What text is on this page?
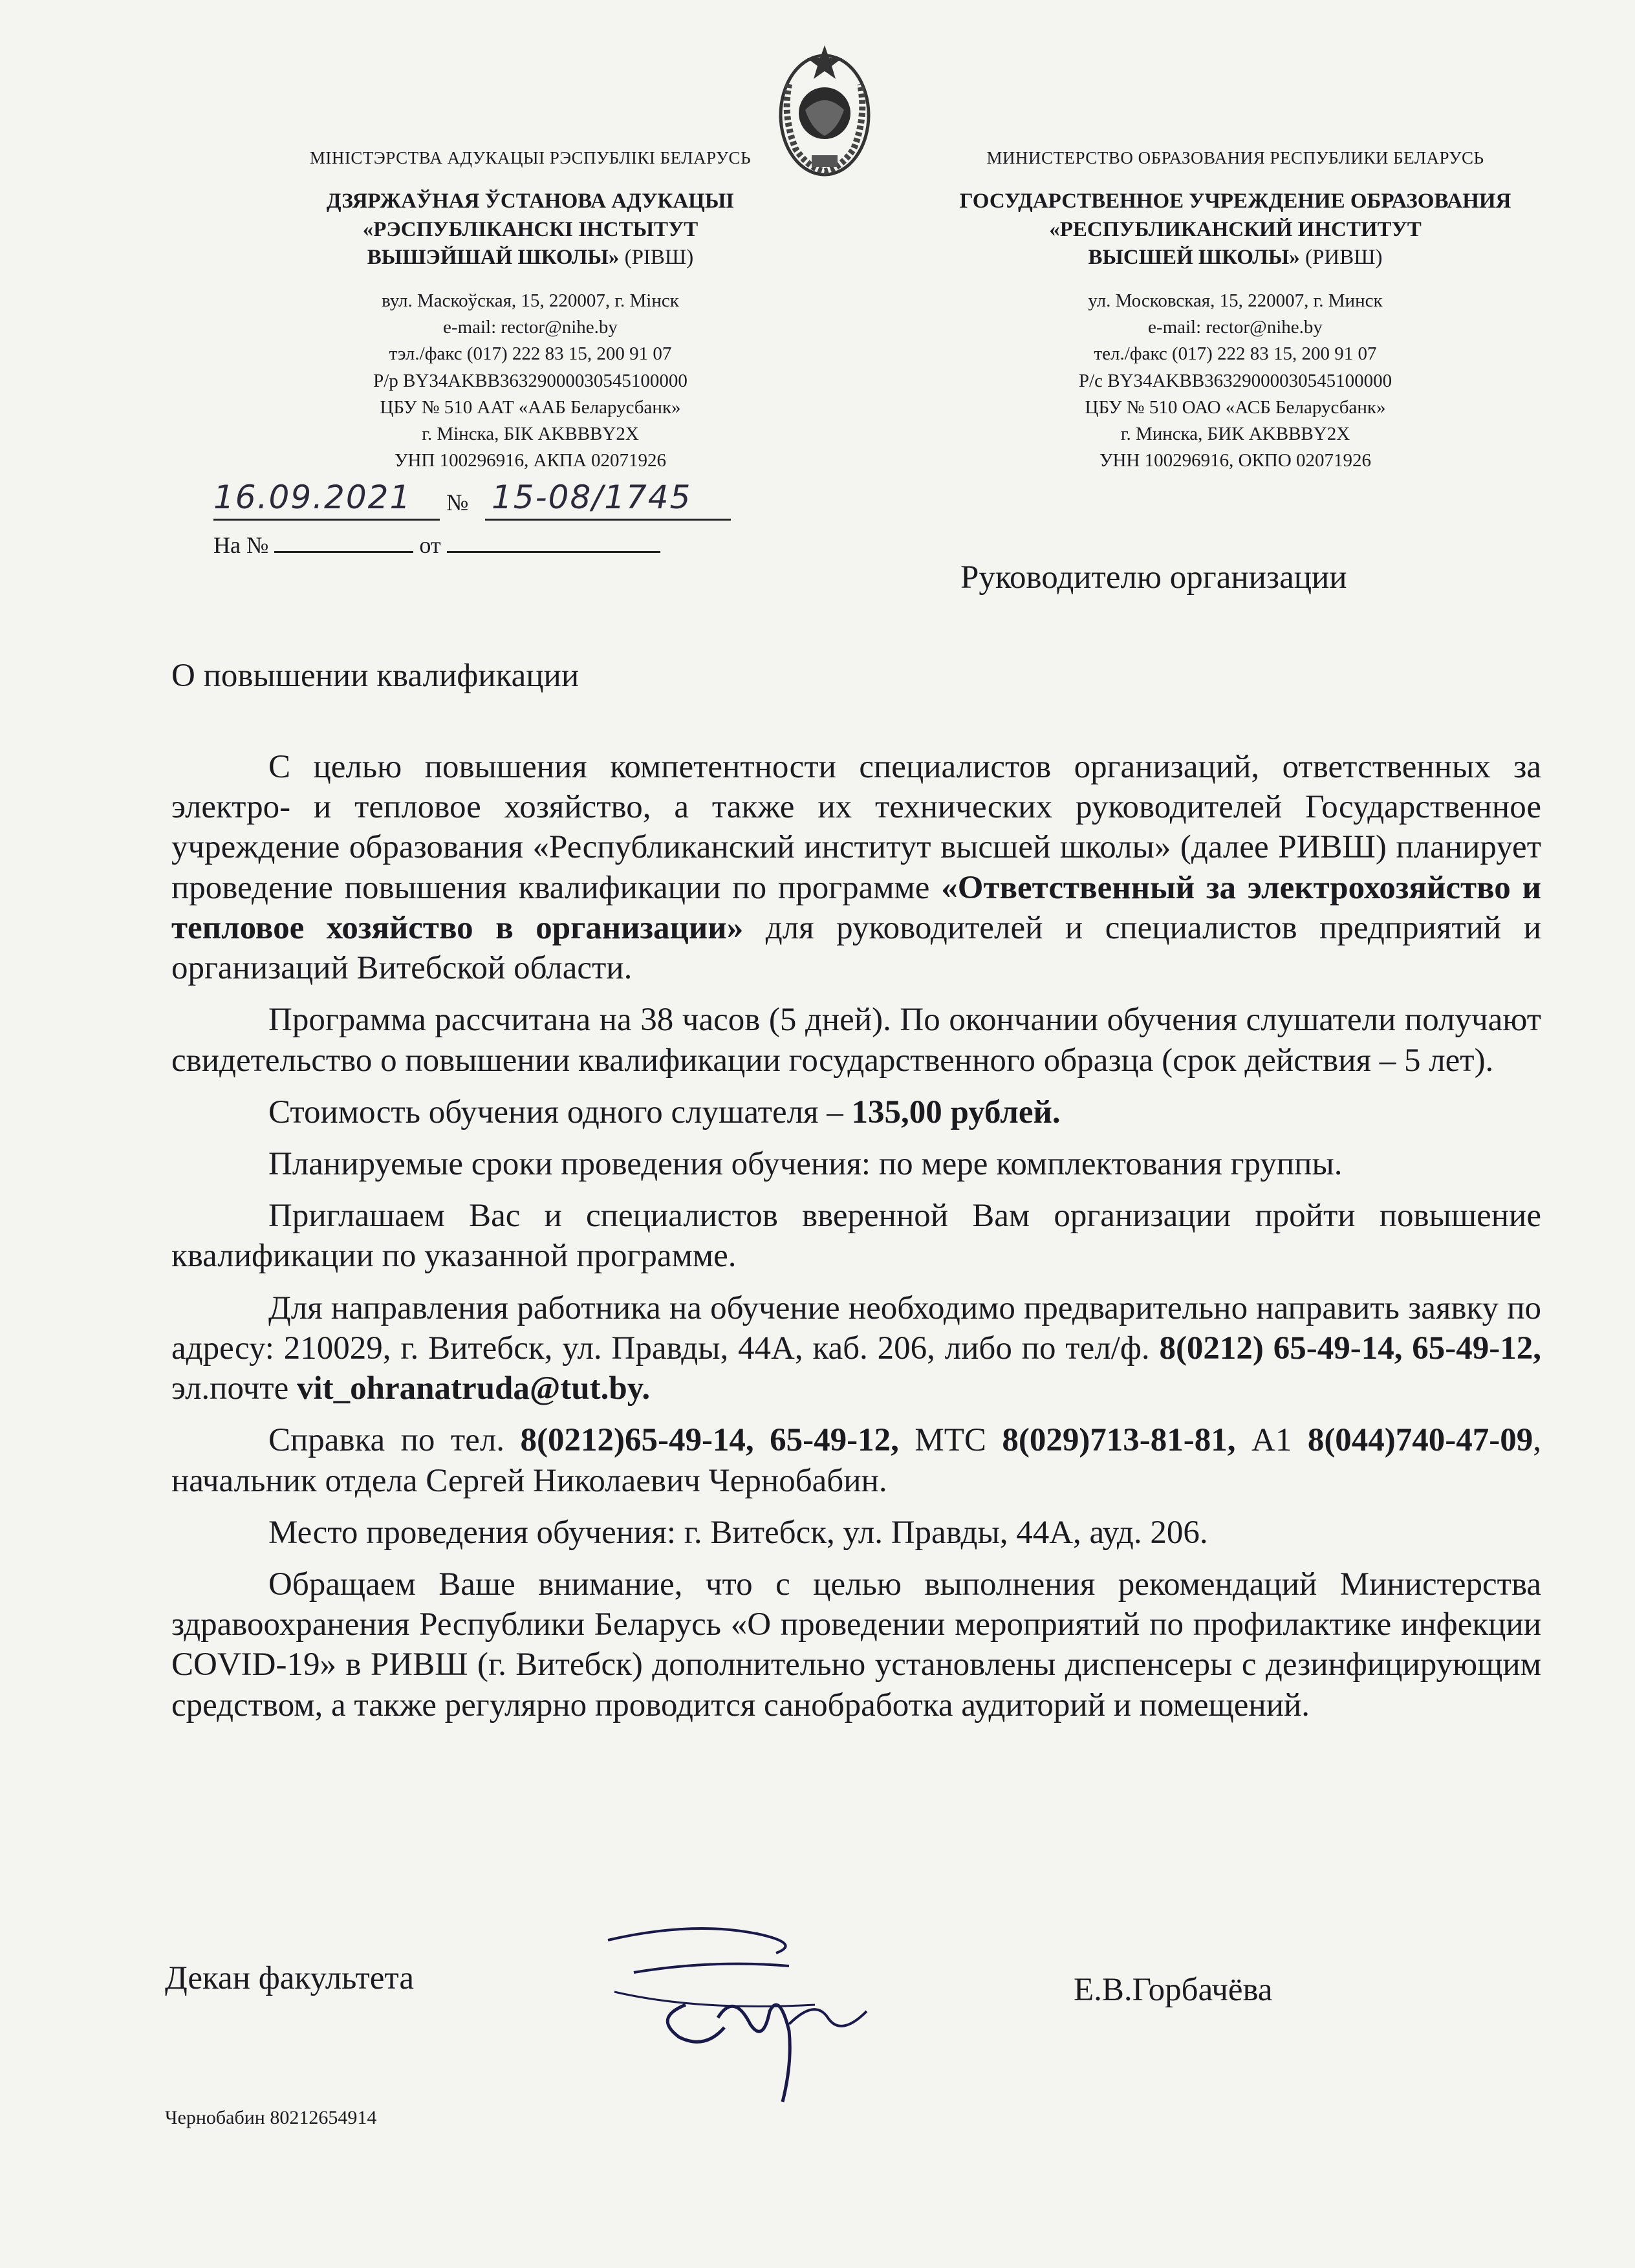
МІНІСТЭРСТВА АДУКАЦЫІ РЭСПУБЛІКІ БЕЛАРУСЬ
ДЗЯРЖАЎНАЯ ЎСТАНОВА АДУКАЦЫІ
«РЭСПУБЛІКАНСКІ ІНСТЫТУТ
ВЫШЭЙШАЙ ШКОЛЫ» (РІВШ)
вул. Маскоўская, 15, 220007, г. Мінск
e-mail: rector@nihe.by
тэл./факс (017) 222 83 15, 200 91 07
Р/р BY34AKBB36329000030545100000
ЦБУ № 510 ААТ «ААБ Беларусбанк»
г. Мінска, БІК AKBBBY2X
УНП 100296916, АКПА 02071926
МИНИСТЕРСТВО ОБРАЗОВАНИЯ РЕСПУБЛИКИ БЕЛАРУСЬ
ГОСУДАРСТВЕННОЕ УЧРЕЖДЕНИЕ ОБРАЗОВАНИЯ
«РЕСПУБЛИКАНСКИЙ ИНСТИТУТ
ВЫСШЕЙ ШКОЛЫ» (РИВШ)
ул. Московская, 15, 220007, г. Минск
e-mail: rector@nihe.by
тел./факс (017) 222 83 15, 200 91 07
Р/с BY34AKBB36329000030545100000
ЦБУ № 510 ОАО «АСБ Беларусбанк»
г. Минска, БИК AKBBBY2X
УНН 100296916, ОКПО 02071926
16.09.2021 № 15-08/1745
На №	от
Руководителю организации
О повышении квалификации

С целью повышения компетентности специалистов организаций, ответственных за электро- и тепловое хозяйство, а также их технических руководителей Государственное учреждение образования «Республиканский институт высшей школы» (далее РИВШ) планирует проведение повышения квалификации по программе «Ответственный за электрохозяйство и тепловое хозяйство в организации» для руководителей и специалистов предприятий и организаций Витебской области.

Программа рассчитана на 38 часов (5 дней). По окончании обучения слушатели получают свидетельство о повышении квалификации государственного образца (срок действия – 5 лет).

Стоимость обучения одного слушателя – 135,00 рублей.

Планируемые сроки проведения обучения: по мере комплектования группы.

Приглашаем Вас и специалистов вверенной Вам организации пройти повышение квалификации по указанной программе.

Для направления работника на обучение необходимо предварительно направить заявку по адресу: 210029, г. Витебск, ул. Правды, 44А, каб. 206, либо по тел/ф. 8(0212) 65-49-14, 65-49-12, эл.почте vit_ohranatruda@tut.by.

Справка по тел. 8(0212)65-49-14, 65-49-12, МТС 8(029)713-81-81, А1 8(044)740-47-09, начальник отдела Сергей Николаевич Чернобабин.

Место проведения обучения: г. Витебск, ул. Правды, 44А, ауд. 206.

Обращаем Ваше внимание, что с целью выполнения рекомендаций Министерства здравоохранения Республики Беларусь «О проведении мероприятий по профилактике инфекции COVID-19» в РИВШ (г. Витебск) дополнительно установлены диспенсеры с дезинфицирующим средством, а также регулярно проводится санобработка аудиторий и помещений.

Декан факультета	Е.В.Горбачёва
Чернобабин 80212654914
